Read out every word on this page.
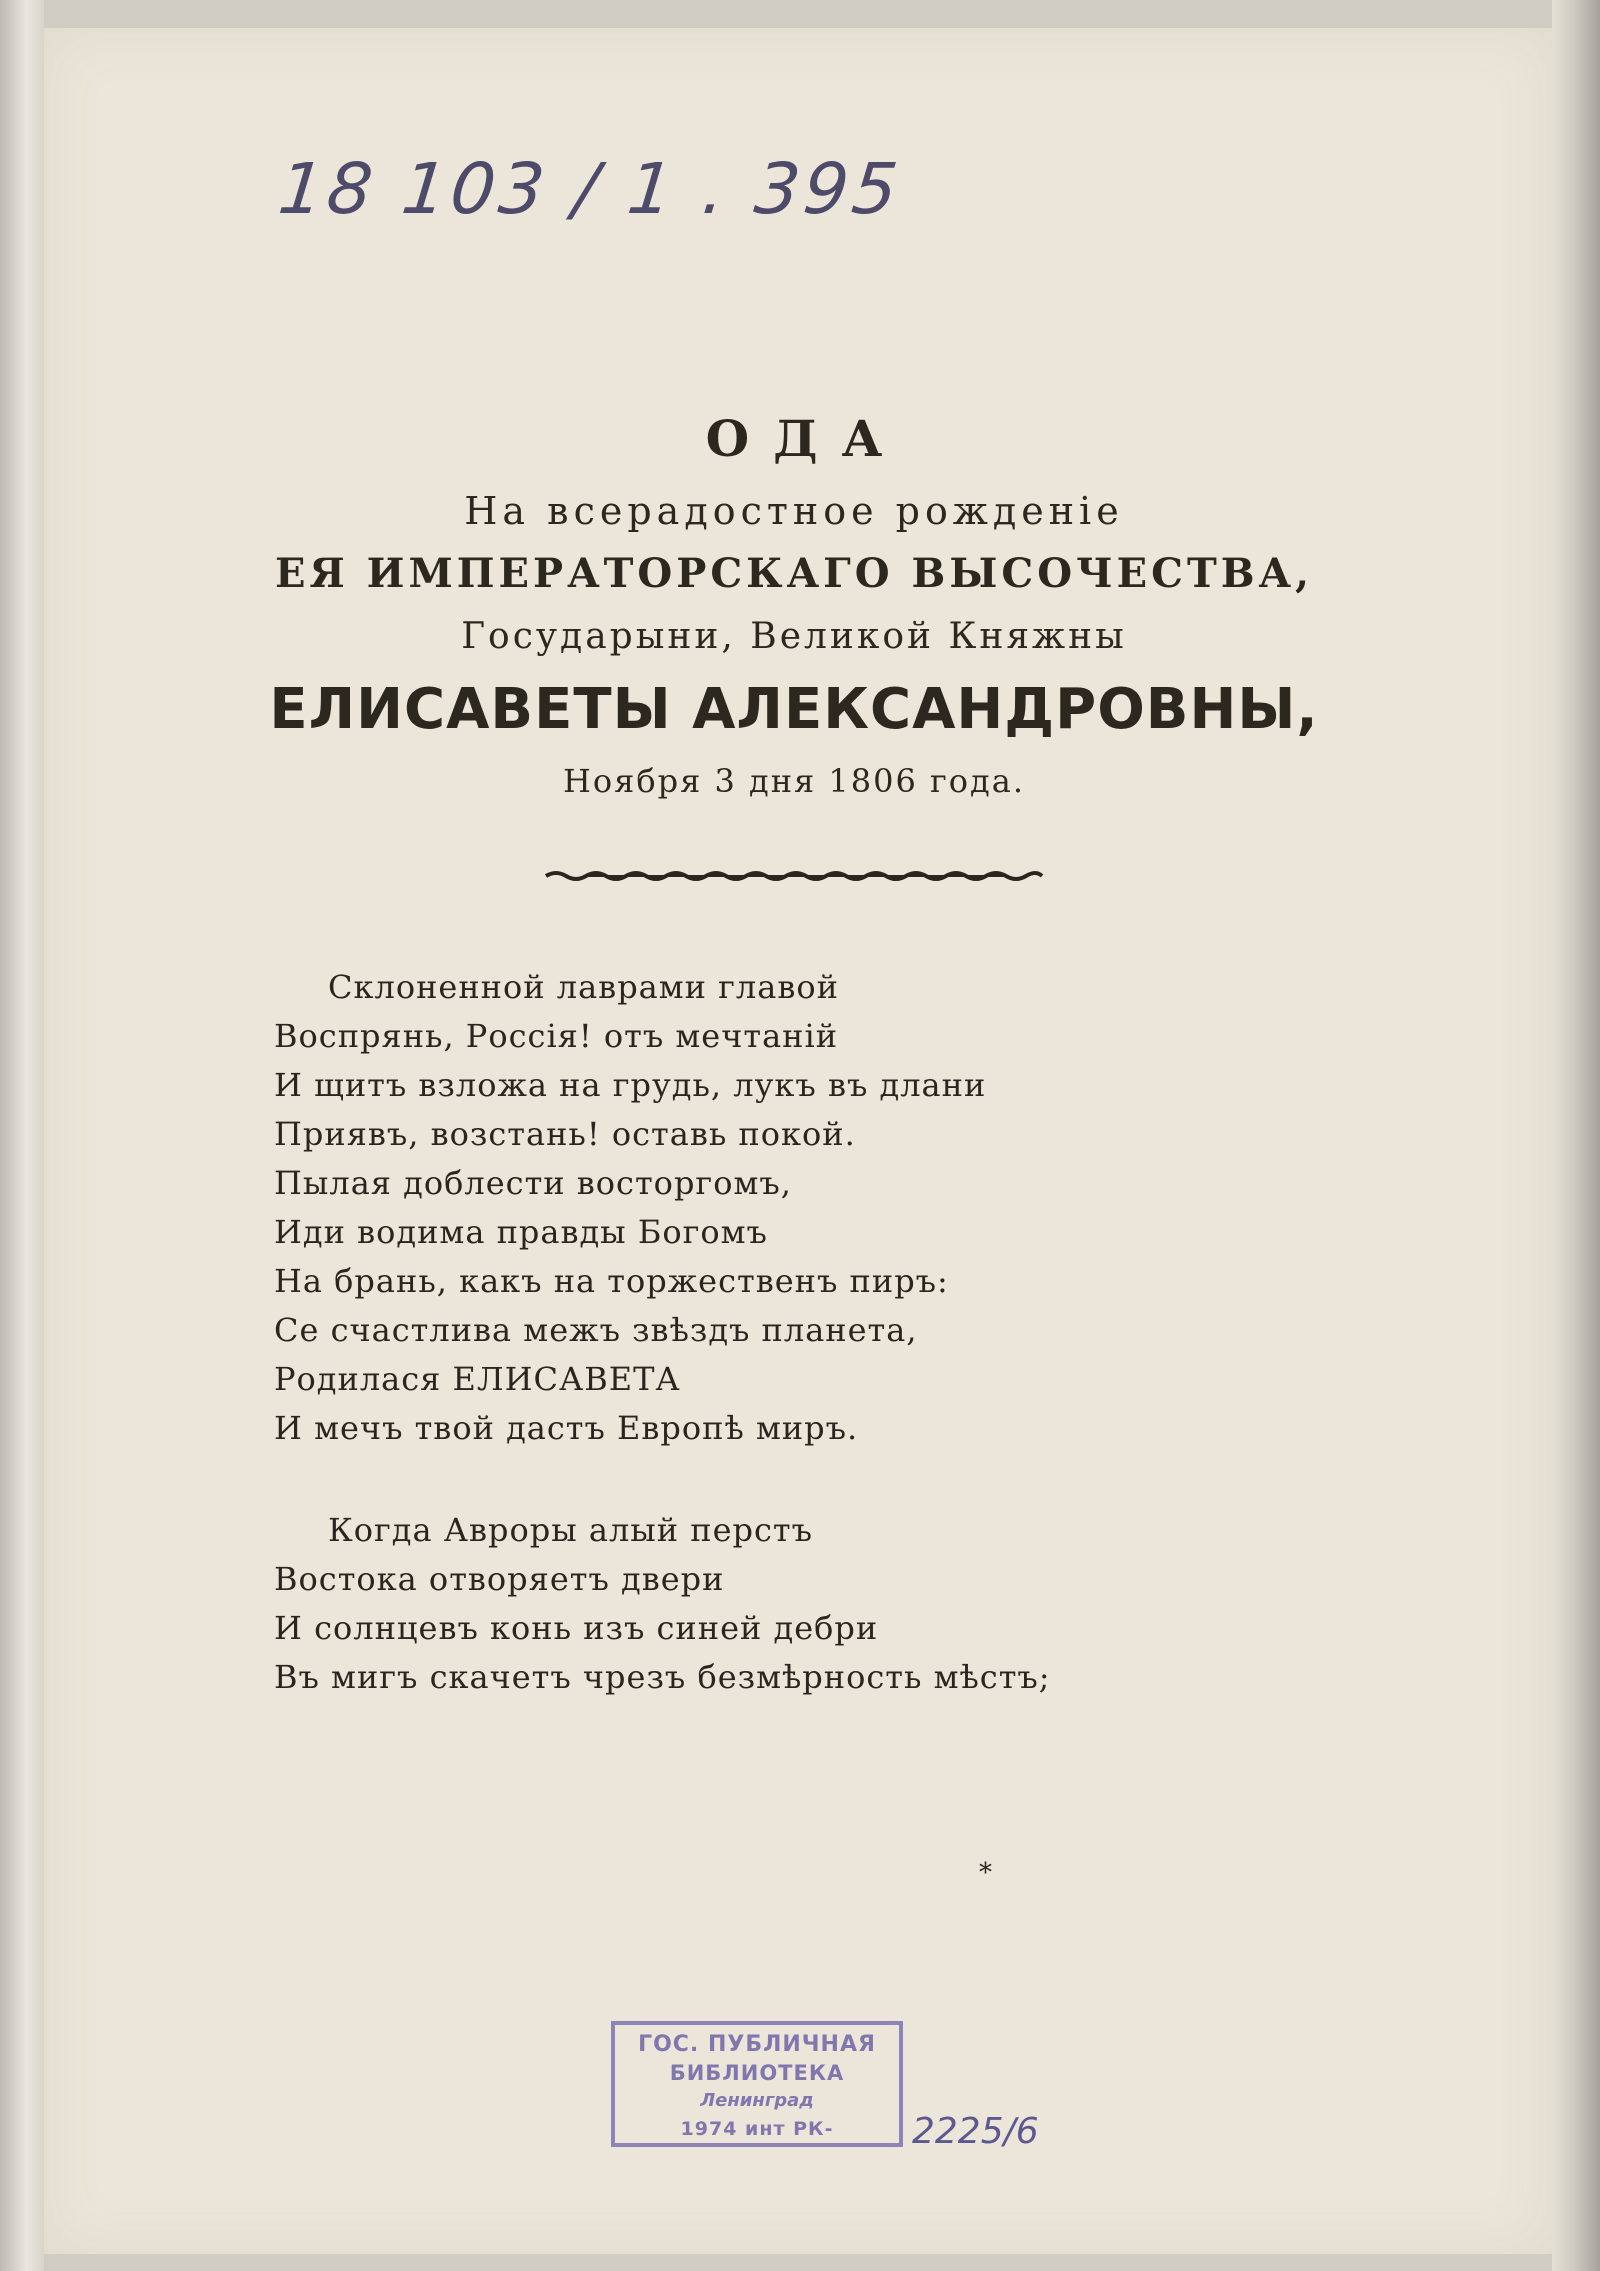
18 103 / 1 . 395
ОДА
На всерадостное рожденіе
ЕЯ ИМПЕРАТОРСКАГО ВЫСОЧЕСТВА,
Государыни, Великой Княжны
ЕЛИСАВЕТЫ АЛЕКСАНДРОВНЫ,
Ноября 3 дня 1806 года.
Склоненной лаврами главой
Воспрянь, Россія! отъ мечтаній
И щитъ взложа на грудь, лукъ въ длани
Приявъ, возстань! оставь покой.
Пылая доблести восторгомъ,
Иди водима правды Богомъ
На брань, какъ на торжественъ пиръ:
Се счастлива межъ звѣздъ планета,
Родилася ЕЛИСАВЕТА
И мечъ твой дастъ Европѣ миръ.
Когда Авроры алый перстъ
Востока отворяетъ двери
И солнцевъ конь изъ синей дебри
Въ мигъ скачетъ чрезъ безмѣрность мѣстъ;
*
ГОС. ПУБЛИЧНАЯ
БИБЛИОТЕКА
Ленинград
1974 инт РК-	2225/6
